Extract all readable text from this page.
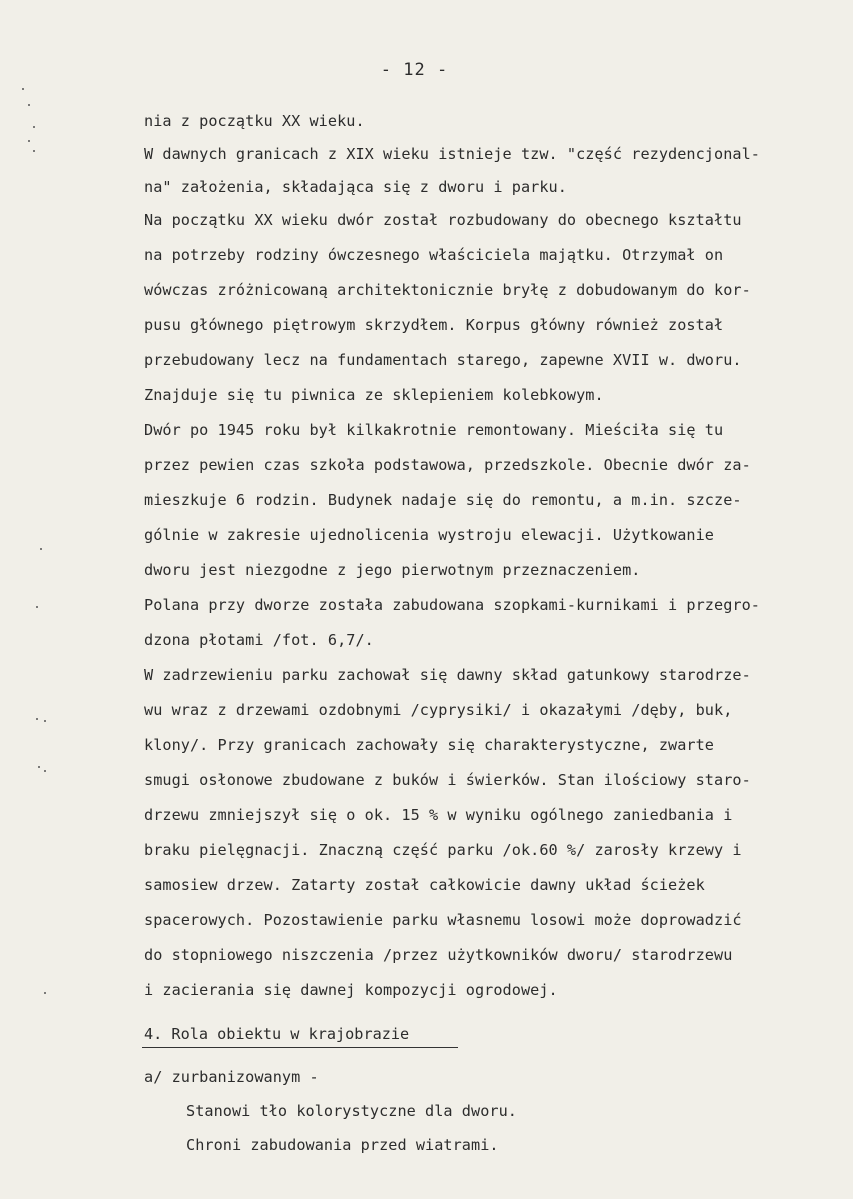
- 12 -
nia z początku XX wieku.
W dawnych granicach z XIX wieku istnieje tzw. "część rezydencjonal-
na" założenia, składająca się z dworu i parku.
Na początku XX wieku dwór został rozbudowany do obecnego kształtu
na potrzeby rodziny ówczesnego właściciela majątku. Otrzymał on
wówczas zróżnicowaną architektonicznie bryłę z dobudowanym do kor-
pusu głównego piętrowym skrzydłem. Korpus główny również został
przebudowany lecz na fundamentach starego, zapewne XVII w. dworu.
Znajduje się tu piwnica ze sklepieniem kolebkowym.
Dwór po 1945 roku był kilkakrotnie remontowany. Mieściła się tu
przez pewien czas szkoła podstawowa, przedszkole. Obecnie dwór za-
mieszkuje 6 rodzin. Budynek nadaje się do remontu, a m.in. szcze-
gólnie w zakresie ujednolicenia wystroju elewacji. Użytkowanie
dworu jest niezgodne z jego pierwotnym przeznaczeniem.
Polana przy dworze została zabudowana szopkami-kurnikami i przegro-
dzona płotami /fot. 6,7/.
W zadrzewieniu parku zachował się dawny skład gatunkowy starodrze-
wu wraz z drzewami ozdobnymi /cyprysiki/ i okazałymi /dęby, buk,
klony/. Przy granicach zachowały się charakterystyczne, zwarte
smugi osłonowe zbudowane z buków i świerków. Stan ilościowy staro-
drzewu zmniejszył się o ok. 15 % w wyniku ogólnego zaniedbania i
braku pielęgnacji. Znaczną część parku /ok.60 %/ zarosły krzewy i
samosiew drzew. Zatarty został całkowicie dawny układ ścieżek
spacerowych. Pozostawienie parku własnemu losowi może doprowadzić
do stopniowego niszczenia /przez użytkowników dworu/ starodrzewu
i zacierania się dawnej kompozycji ogrodowej.
4. Rola obiektu w krajobrazie
a/ zurbanizowanym -
Stanowi tło kolorystyczne dla dworu.
Chroni zabudowania przed wiatrami.
